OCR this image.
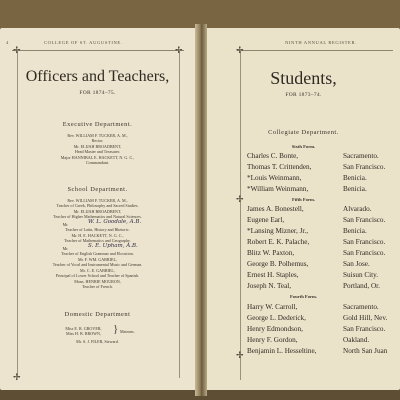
4	COLLEGE OF ST. AUGUSTINE.
✢	✢
✢
Officers and Teachers,
FOR 1874–75.
Executive Department.
Rev. WILLIAM F. TUCKER, A. M.,
Rector.
Mr. ELIJAH BROADBENT,
Head Master and Treasurer.
Major HANNIBAL E. HACKETT, N. G. C.,
Commandant.
School Department.
Rev. WILLIAM F. TUCKER, A. M.,
Teacher of Greek, Philosophy and Sacred Studies.
Mr. ELIJAH BROADBENT,
Teacher of Higher Mathematics and Natural Sciences.
Mr.	W. L. Goodale, A.B.
Teacher of Latin, History and Rhetoric.
Mr. H. E. HACKETT, N. G. C.,
Teacher of Mathematics and Geography.
Mr.	S. E. Upham, A.B.
Teacher of English Grammar and Elocution.
Mr. F. WM. GABRIEL,
Teacher of Vocal and Instrumental Music and German.
Mr. C. E. GABRIEL,
Principal of Lower School and Teacher of Spanish.
Mons. HENRIE MOURON,
Teacher of French.
Domestic Department
Miss E. R. GROVER,
Miss H. B. BROWN,	} Matrons.
Mr. S. J. FILER, Steward.
NINTH ANNUAL REGISTER.
✢
✢
✢
Students,
FOR 1873–74.
Collegiate Department.
Sixth Form.
Charles C. Bonte,	Sacramento.
Thomas T. Crittenden,	San Francisco.
*Louis Weinmann,	Benicia.
*William Weinmann,	Benicia.
Fifth Form.
James A. Bonestell,	Alvarado.
Eugene Earl,	San Francisco.
*Lansing Mizner, Jr.,	Benicia.
Robert E. K. Palache,	San Francisco.
Blitz W. Paxton,	San Francisco.
George B. Polhemus,	San Jose.
Ernest H. Staples,	Suisun City.
Joseph N. Teal,	Portland, Or.
Fourth Form.
Harry W. Carroll,	Sacramento.
George L. Dederick,	Gold Hill, Nev.
Henry Edmondson,	San Francisco.
Henry F. Gordon,	Oakland.
Benjamin L. Hesseltine,	North San Juan
